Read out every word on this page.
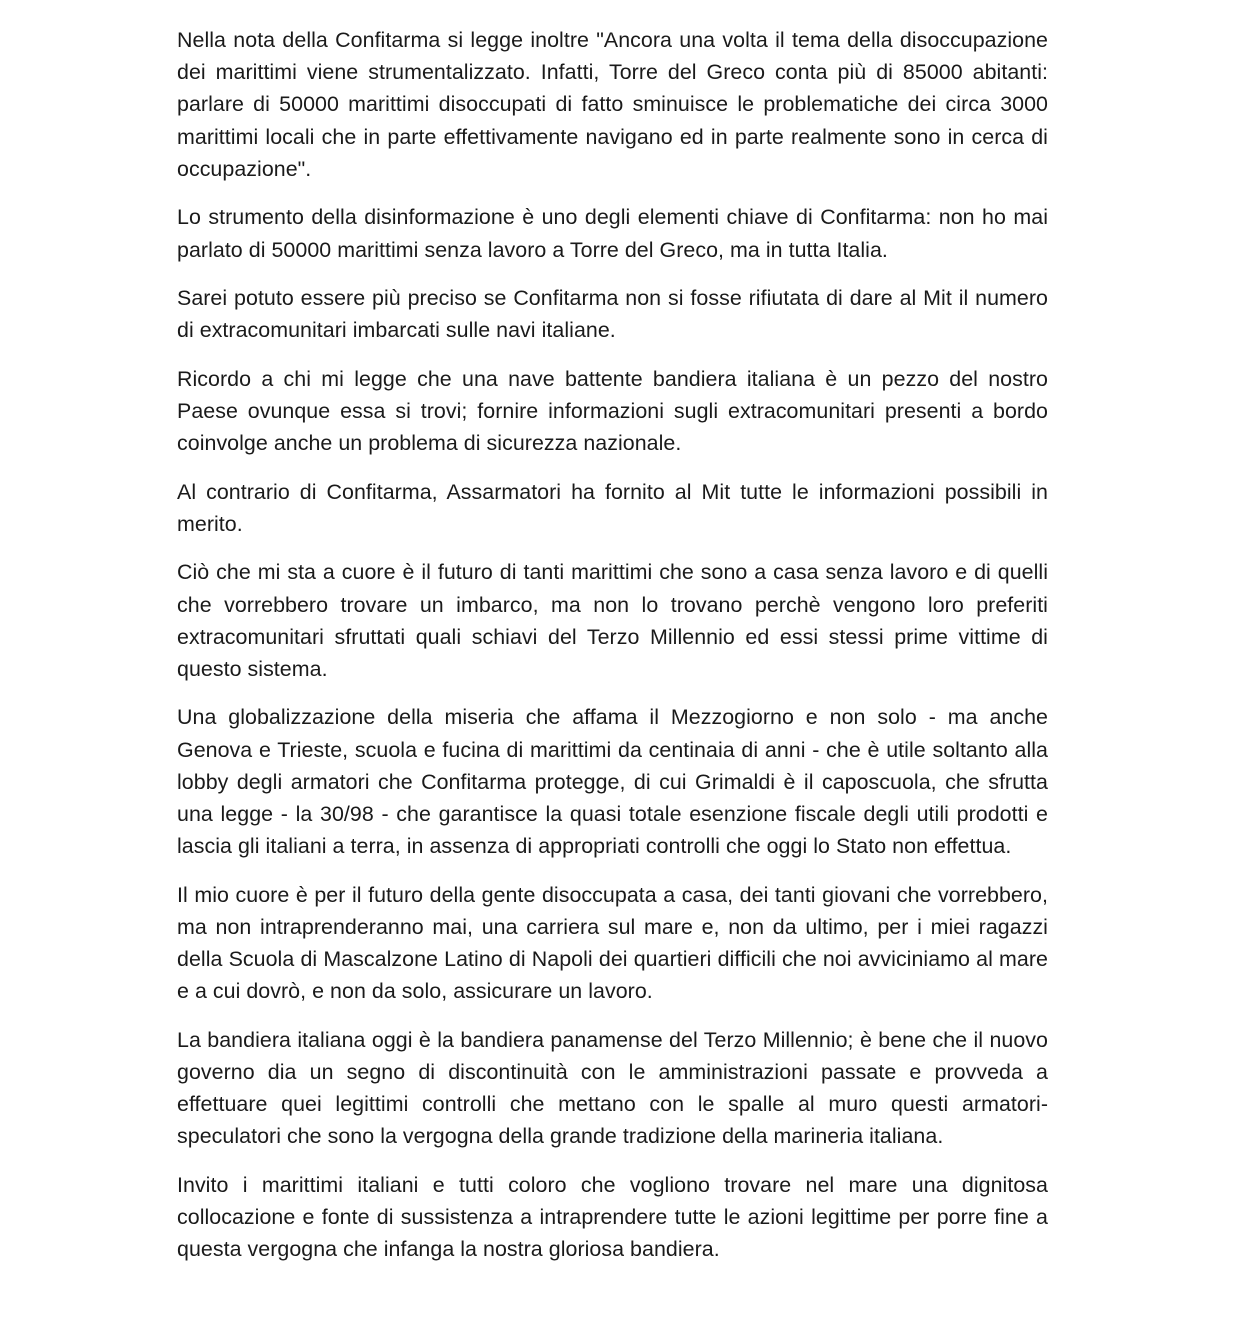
Nella nota della Confitarma si legge inoltre "Ancora una volta il tema della disoccupazione dei marittimi viene strumentalizzato. Infatti, Torre del Greco conta più di 85000 abitanti: parlare di 50000 marittimi disoccupati di fatto sminuisce le problematiche dei circa 3000 marittimi locali che in parte effettivamente navigano ed in parte realmente sono in cerca di occupazione".

Lo strumento della disinformazione è uno degli elementi chiave di Confitarma: non ho mai parlato di 50000 marittimi senza lavoro a Torre del Greco, ma in tutta Italia.

Sarei potuto essere più preciso se Confitarma non si fosse rifiutata di dare al Mit il numero di extracomunitari imbarcati sulle navi italiane.

Ricordo a chi mi legge che una nave battente bandiera italiana è un pezzo del nostro Paese ovunque essa si trovi; fornire informazioni sugli extracomunitari presenti a bordo coinvolge anche un problema di sicurezza nazionale.

Al contrario di Confitarma, Assarmatori ha fornito al Mit tutte le informazioni possibili in merito.

Ciò che mi sta a cuore è il futuro di tanti marittimi che sono a casa senza lavoro e di quelli che vorrebbero trovare un imbarco, ma non lo trovano perchè vengono loro preferiti extracomunitari sfruttati quali schiavi del Terzo Millennio ed essi stessi prime vittime di questo sistema.

Una globalizzazione della miseria che affama il Mezzogiorno e non solo - ma anche Genova e Trieste, scuola e fucina di marittimi da centinaia di anni - che è utile soltanto alla lobby degli armatori che Confitarma protegge, di cui Grimaldi è il caposcuola, che sfrutta una legge - la 30/98 - che garantisce la quasi totale esenzione fiscale degli utili prodotti e lascia gli italiani a terra, in assenza di appropriati controlli che oggi lo Stato non effettua.

Il mio cuore è per il futuro della gente disoccupata a casa, dei tanti giovani che vorrebbero, ma non intraprenderanno mai, una carriera sul mare e, non da ultimo, per i miei ragazzi della Scuola di Mascalzone Latino di Napoli dei quartieri difficili che noi avviciniamo al mare e a cui dovrò, e non da solo, assicurare un lavoro.

La bandiera italiana oggi è la bandiera panamense del Terzo Millennio; è bene che il nuovo governo dia un segno di discontinuità con le amministrazioni passate e provveda a effettuare quei legittimi controlli che mettano con le spalle al muro questi armatori-speculatori che sono la vergogna della grande tradizione della marineria italiana.

Invito i marittimi italiani e tutti coloro che vogliono trovare nel mare una dignitosa collocazione e fonte di sussistenza a intraprendere tutte le azioni legittime per porre fine a questa vergogna che infanga la nostra gloriosa bandiera.
